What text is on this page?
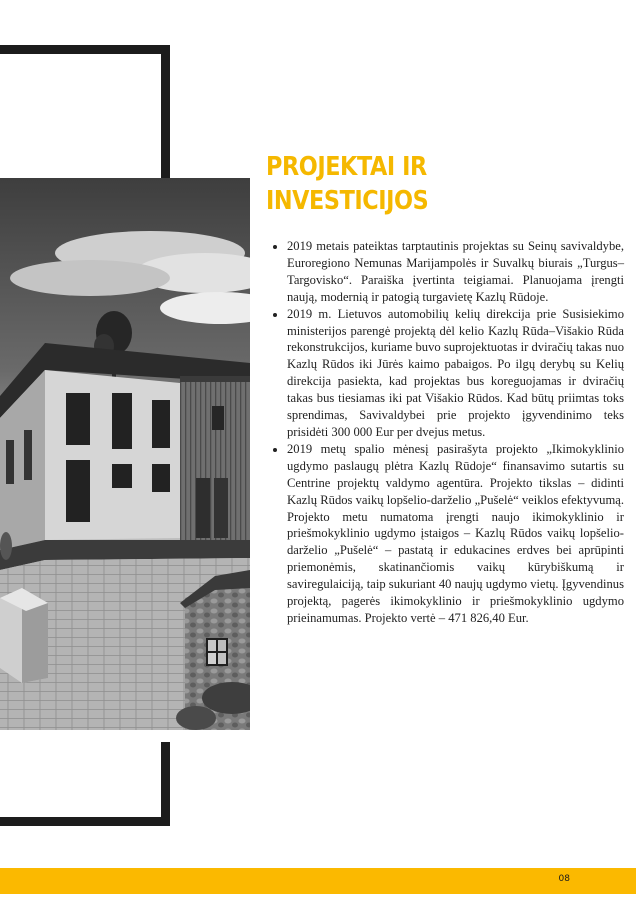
PROJEKTAI IR
INVESTICIJOS
• 2019 metais pateiktas tarptautinis projektas su Seinų savivaldybe, Euroregiono Nemunas Marijampolės ir Suvalkų biurais „Turgus–Targovisko“. Paraiška įvertinta teigiamai. Planuojama įrengti naują, modernią ir patogią turgavietę Kazlų Rūdoje.
• 2019 m. Lietuvos automobilių kelių direkcija prie Susisiekimo ministerijos parengė projektą dėl kelio Kazlų Rūda–Višakio Rūda rekonstrukcijos, kuriame buvo suprojektuotas ir dviračių takas nuo Kazlų Rūdos iki Jūrės kaimo pabaigos. Po ilgų derybų su Kelių direkcija pasiekta, kad projektas bus koreguojamas ir dviračių takas bus tiesiamas iki pat Višakio Rūdos. Kad būtų priimtas toks sprendimas, Savivaldybei prie projekto įgyvendinimo teks prisidėti 300 000 Eur per dvejus metus.
• 2019 metų spalio mėnesį pasirašyta projekto „Ikimokyklinio ugdymo paslaugų plėtra Kazlų Rūdoje“ finansavimo sutartis su Centrine projektų valdymo agentūra. Projekto tikslas – didinti Kazlų Rūdos vaikų lopšelio-darželio „Pušelė“ veiklos efektyvumą. Projekto metu numatoma įrengti naujo ikimokyklinio ir priešmokyklinio ugdymo įstaigos – Kazlų Rūdos vaikų lopšelio-darželio „Pušelė“ – pastatą ir edukacines erdves bei aprūpinti priemonėmis, skatinančiomis vaikų kūrybiškumą ir saviregulaiciją, taip sukuriant 40 naujų ugdymo vietų. Įgyvendinus projektą, pagerės ikimokyklinio ir priešmokyklinio ugdymo prieinamumas. Projekto vertė – 471 826,40 Eur.
08
